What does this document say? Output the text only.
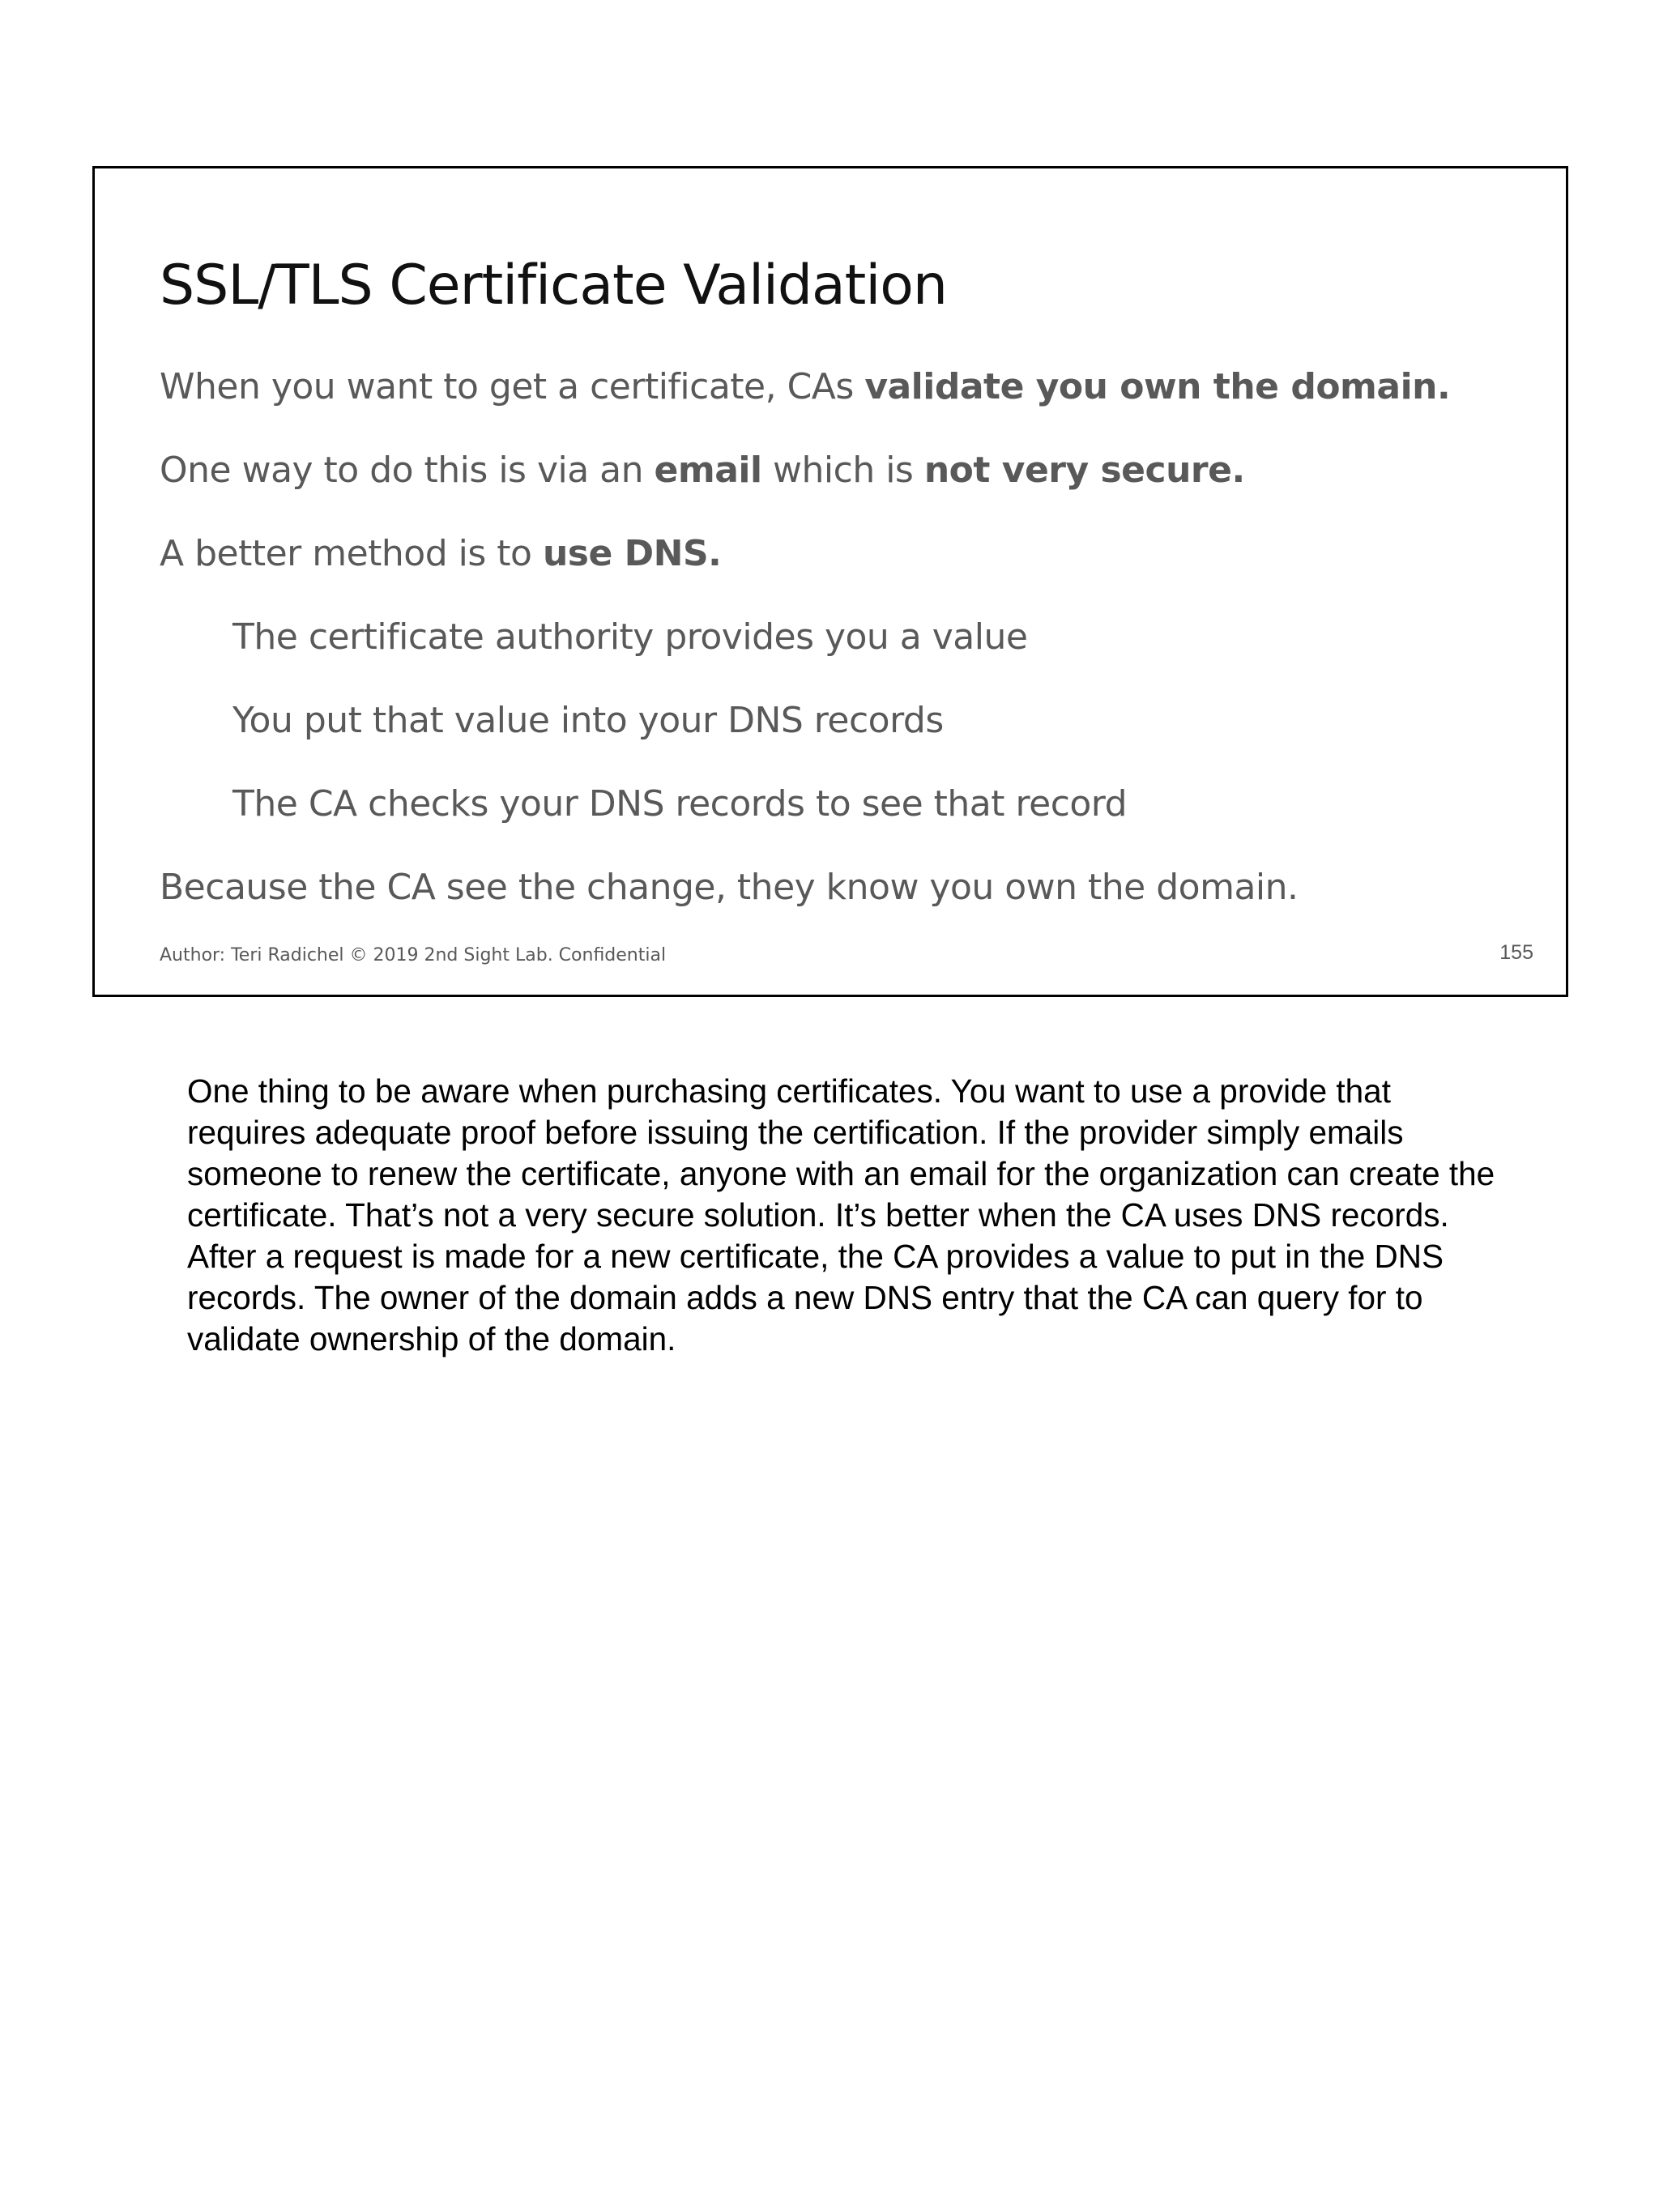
SSL/TLS Certificate Validation

When you want to get a certificate, CAs validate you own the domain.

One way to do this is via an email which is not very secure.

A better method is to use DNS.

The certificate authority provides you a value

You put that value into your DNS records

The CA checks your DNS records to see that record

Because the CA see the change, they know you own the domain.

Author: Teri Radichel © 2019 2nd Sight Lab. Confidential	155

One thing to be aware when purchasing certificates. You want to use a provide that requires adequate proof before issuing the certification. If the provider simply emails someone to renew the certificate, anyone with an email for the organization can create the certificate. That’s not a very secure solution. It’s better when the CA uses DNS records. After a request is made for a new certificate, the CA provides a value to put in the DNS records. The owner of the domain adds a new DNS entry that the CA can query for to validate ownership of the domain.
